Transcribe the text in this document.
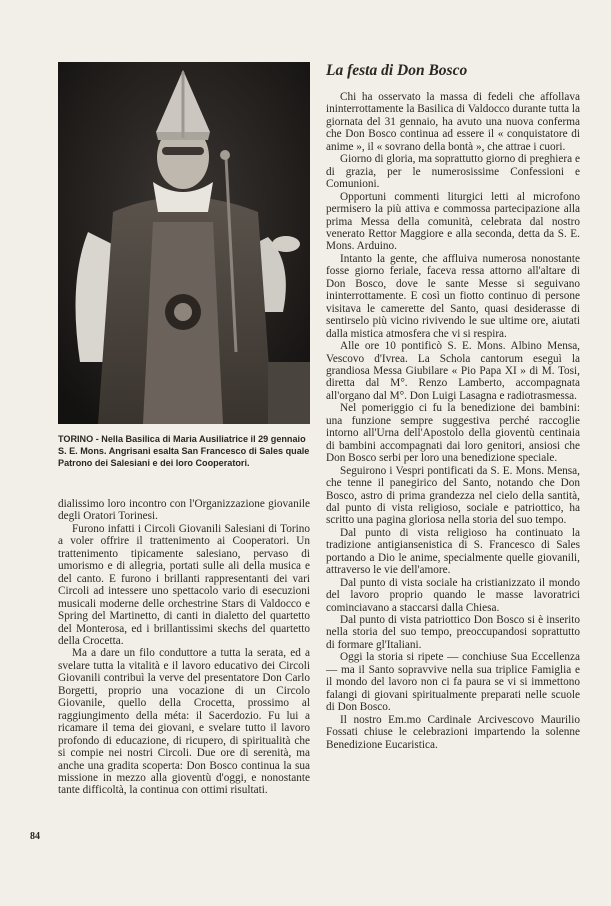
TORINO - Nella Basilica di Maria Ausiliatrice il 29 gennaio S. E. Mons. Angrisani esalta San Francesco di Sales quale Patrono dei Salesiani e dei loro Cooperatori.

dialissimo loro incontro con l'Organizzazione giovanile degli Oratori Torinesi.

Furono infatti i Circoli Giovanili Salesiani di Torino a voler offrire il trattenimento ai Cooperatori. Un trattenimento tipicamente salesiano, pervaso di umorismo e di allegria, portati sulle ali della musica e del canto. E furono i brillanti rappresentanti dei vari Circoli ad intessere uno spettacolo vario di esecuzioni musicali moderne delle orchestrine Stars di Valdocco e Spring del Martinetto, di canti in dialetto del quartetto del Monterosa, ed i brillantissimi skechs del quartetto della Crocetta.

Ma a dare un filo conduttore a tutta la serata, ed a svelare tutta la vitalità e il lavoro educativo dei Circoli Giovanili contribuì la verve del presentatore Don Carlo Borgetti, proprio una vocazione di un Circolo Giovanile, quello della Crocetta, prossimo al raggiungimento della méta: il Sacerdozio. Fu lui a ricamare il tema dei giovani, e svelare tutto il lavoro profondo di educazione, di ricupero, di spiritualità che si compie nei nostri Circoli. Due ore di serenità, ma anche una gradita scoperta: Don Bosco continua la sua missione in mezzo alla gioventù d'oggi, e nonostante tante difficoltà, la continua con ottimi risultati.

La festa di Don Bosco

Chi ha osservato la massa di fedeli che affollava ininterrottamente la Basilica di Valdocco durante tutta la giornata del 31 gennaio, ha avuto una nuova conferma che Don Bosco continua ad essere il « conquistatore di anime », il « sovrano della bontà », che attrae i cuori.

Giorno di gloria, ma soprattutto giorno di preghiera e di grazia, per le numerosissime Confessioni e Comunioni.

Opportuni commenti liturgici letti al microfono permisero la più attiva e commossa partecipazione alla prima Messa della comunità, celebrata dal nostro venerato Rettor Maggiore e alla seconda, detta da S. E. Mons. Arduino.

Intanto la gente, che affluiva numerosa nonostante fosse giorno feriale, faceva ressa attorno all'altare di Don Bosco, dove le sante Messe si seguivano ininterrottamente. E così un fiotto continuo di persone visitava le camerette del Santo, quasi desiderasse di sentirselo più vicino rivivendo le sue ultime ore, aiutati dalla mistica atmosfera che vi si respira.

Alle ore 10 pontificò S. E. Mons. Albino Mensa, Vescovo d'Ivrea. La Schola cantorum eseguì la grandiosa Messa Giubilare « Pio Papa XI » di M. Tosi, diretta dal M°. Renzo Lamberto, accompagnata all'organo dal M°. Don Luigi Lasagna e radiotrasmessa.

Nel pomeriggio ci fu la benedizione dei bambini: una funzione sempre suggestiva perché raccoglie intorno all'Urna dell'Apostolo della gioventù centinaia di bambini accompagnati dai loro genitori, ansiosi che Don Bosco serbi per loro una benedizione speciale.

Seguirono i Vespri pontificati da S. E. Mons. Mensa, che tenne il panegirico del Santo, notando che Don Bosco, astro di prima grandezza nel cielo della santità, dal punto di vista religioso, sociale e patriottico, ha scritto una pagina gloriosa nella storia del suo tempo.

Dal punto di vista religioso ha continuato la tradizione antigiansenistica di S. Francesco di Sales portando a Dio le anime, specialmente quelle giovanili, attraverso le vie dell'amore.

Dal punto di vista sociale ha cristianizzato il mondo del lavoro proprio quando le masse lavoratrici cominciavano a staccarsi dalla Chiesa.

Dal punto di vista patriottico Don Bosco si è inserito nella storia del suo tempo, preoccupandosi soprattutto di formare gl'Italiani.

Oggi la storia si ripete — conchiuse Sua Eccellenza — ma il Santo sopravvive nella sua triplice Famiglia e il mondo del lavoro non ci fa paura se vi si immettono falangi di giovani spiritualmente preparati nelle scuole di Don Bosco.

Il nostro Em.mo Cardinale Arcivescovo Maurilio Fossati chiuse le celebrazioni impartendo la solenne Benedizione Eucaristica.

84
